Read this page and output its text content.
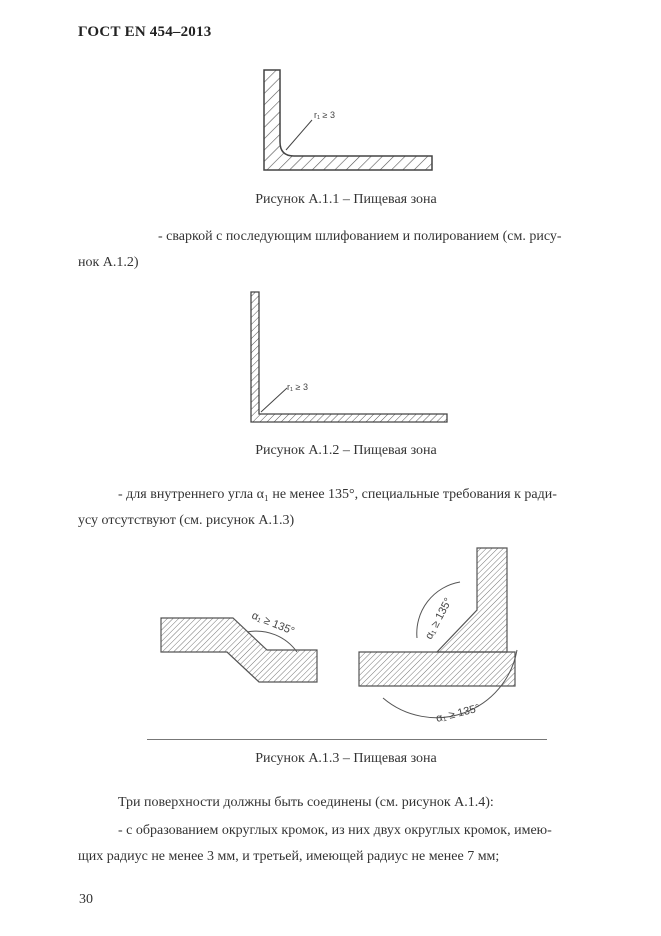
ГОСТ EN 454–2013
r₁ ≥ 3
Рисунок А.1.1 – Пищевая зона
- сваркой с последующим шлифованием и полированием (см. рису-
нок А.1.2)
r₁ ≥ 3
Рисунок А.1.2 – Пищевая зона
- для внутреннего угла α₁ не менее 135°, специальные требования к ради-
усу отсутствуют (см. рисунок А.1.3)
α₁ ≥ 135°	α₁ ≥ 135°
α₁ ≥ 135°
Рисунок А.1.3 – Пищевая зона
Три поверхности должны быть соединены (см. рисунок А.1.4):
- с образованием округлых кромок, из них двух округлых кромок, имею-
щих радиус не менее 3 мм, и третьей, имеющей радиус не менее 7 мм;
30
